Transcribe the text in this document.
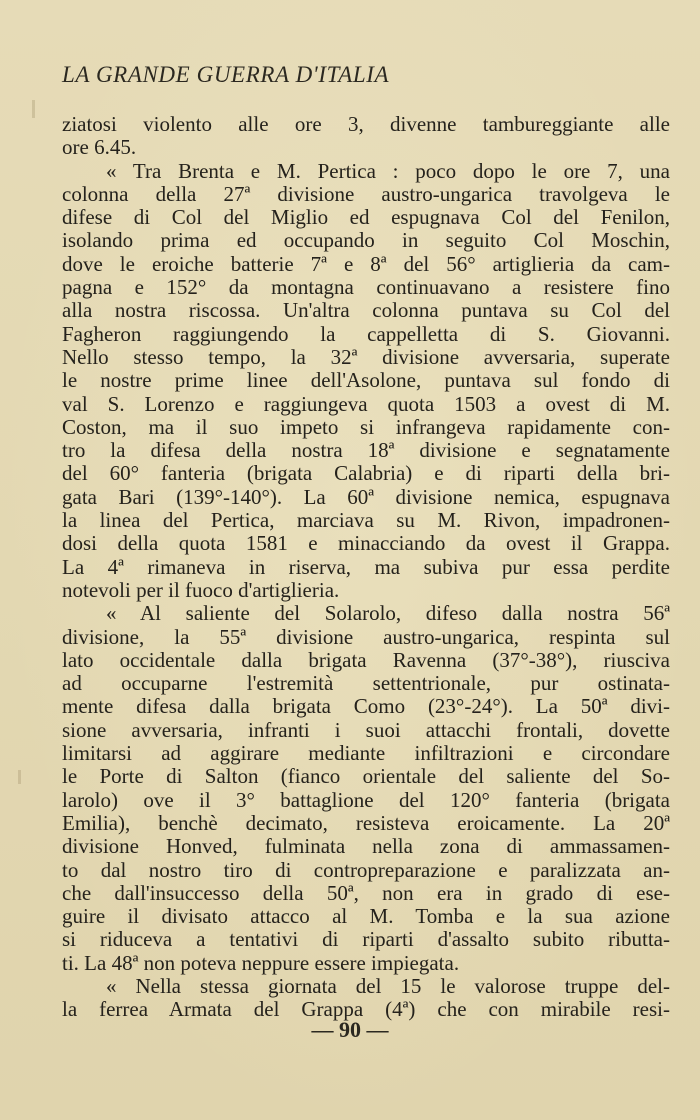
LA GRANDE GUERRA D'ITALIA
ziatosi violento alle ore 3, divenne tambureggiante alle
ore 6.45.
« Tra Brenta e M. Pertica : poco dopo le ore 7, una
colonna della 27ª divisione austro-ungarica travolgeva le
difese di Col del Miglio ed espugnava Col del Fenilon,
isolando prima ed occupando in seguito Col Moschin,
dove le eroiche batterie 7ª e 8ª del 56° artiglieria da cam-
pagna e 152° da montagna continuavano a resistere fino
alla nostra riscossa. Un'altra colonna puntava su Col del
Fagheron raggiungendo la cappelletta di S. Giovanni.
Nello stesso tempo, la 32ª divisione avversaria, superate
le nostre prime linee dell'Asolone, puntava sul fondo di
val S. Lorenzo e raggiungeva quota 1503 a ovest di M.
Coston, ma il suo impeto si infrangeva rapidamente con-
tro la difesa della nostra 18ª divisione e segnatamente
del 60° fanteria (brigata Calabria) e di riparti della bri-
gata Bari (139°-140°). La 60ª divisione nemica, espugnava
la linea del Pertica, marciava su M. Rivon, impadronen-
dosi della quota 1581 e minacciando da ovest il Grappa.
La 4ª rimaneva in riserva, ma subiva pur essa perdite
notevoli per il fuoco d'artiglieria.
« Al saliente del Solarolo, difeso dalla nostra 56ª
divisione, la 55ª divisione austro-ungarica, respinta sul
lato occidentale dalla brigata Ravenna (37°-38°), riusciva
ad occuparne l'estremità settentrionale, pur ostinata-
mente difesa dalla brigata Como (23°-24°). La 50ª divi-
sione avversaria, infranti i suoi attacchi frontali, dovette
limitarsi ad aggirare mediante infiltrazioni e circondare
le Porte di Salton (fianco orientale del saliente del So-
larolo) ove il 3° battaglione del 120° fanteria (brigata
Emilia), benchè decimato, resisteva eroicamente. La 20ª
divisione Honved, fulminata nella zona di ammassamen-
to dal nostro tiro di contropreparazione e paralizzata an-
che dall'insuccesso della 50ª, non era in grado di ese-
guire il divisato attacco al M. Tomba e la sua azione
si riduceva a tentativi di riparti d'assalto subito ributta-
ti. La 48ª non poteva neppure essere impiegata.
« Nella stessa giornata del 15 le valorose truppe del-
la ferrea Armata del Grappa (4ª) che con mirabile resi-
— 90 —
